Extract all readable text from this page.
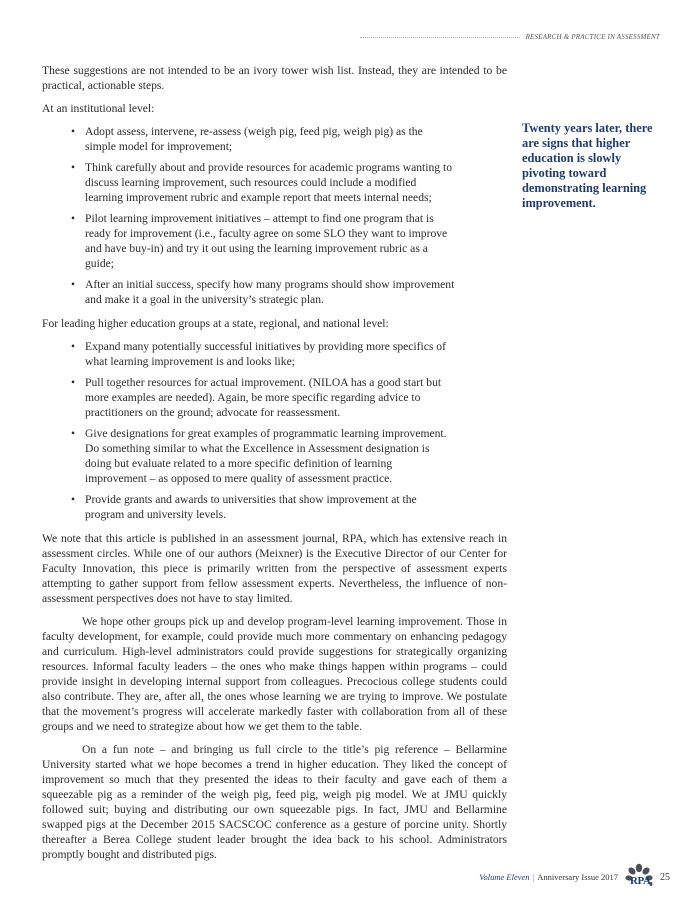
RESEARCH & PRACTICE IN ASSESSMENT

These suggestions are not intended to be an ivory tower wish list. Instead, they are intended to be practical, actionable steps.

At an institutional level:

• Adopt assess, intervene, re-assess (weigh pig, feed pig, weigh pig) as the simple model for improvement;
• Think carefully about and provide resources for academic programs wanting to discuss learning improvement, such resources could include a modified learning improvement rubric and example report that meets internal needs;
• Pilot learning improvement initiatives – attempt to find one program that is ready for improvement (i.e., faculty agree on some SLO they want to improve and have buy-in) and try it out using the learning improvement rubric as a guide;
• After an initial success, specify how many programs should show improvement and make it a goal in the university’s strategic plan.

For leading higher education groups at a state, regional, and national level:

• Expand many potentially successful initiatives by providing more specifics of what learning improvement is and looks like;
• Pull together resources for actual improvement. (NILOA has a good start but more examples are needed). Again, be more specific regarding advice to practitioners on the ground; advocate for reassessment.
• Give designations for great examples of programmatic learning improvement. Do something similar to what the Excellence in Assessment designation is doing but evaluate related to a more specific definition of learning improvement – as opposed to mere quality of assessment practice.
• Provide grants and awards to universities that show improvement at the program and university levels.

We note that this article is published in an assessment journal, RPA, which has extensive reach in assessment circles. While one of our authors (Meixner) is the Executive Director of our Center for Faculty Innovation, this piece is primarily written from the perspective of assessment experts attempting to gather support from fellow assessment experts. Nevertheless, the influence of non-assessment perspectives does not have to stay limited.

We hope other groups pick up and develop program-level learning improvement. Those in faculty development, for example, could provide much more commentary on enhancing pedagogy and curriculum. High-level administrators could provide suggestions for strategically organizing resources. Informal faculty leaders – the ones who make things happen within programs – could provide insight in developing internal support from colleagues. Precocious college students could also contribute. They are, after all, the ones whose learning we are trying to improve. We postulate that the movement’s progress will accelerate markedly faster with collaboration from all of these groups and we need to strategize about how we get them to the table.

On a fun note – and bringing us full circle to the title’s pig reference – Bellarmine University started what we hope becomes a trend in higher education. They liked the concept of improvement so much that they presented the ideas to their faculty and gave each of them a squeezable pig as a reminder of the weigh pig, feed pig, weigh pig model. We at JMU quickly followed suit; buying and distributing our own squeezable pigs. In fact, JMU and Bellarmine swapped pigs at the December 2015 SACSCOC conference as a gesture of porcine unity. Shortly thereafter a Berea College student leader brought the idea back to his school. Administrators promptly bought and distributed pigs.

Twenty years later, there are signs that higher education is slowly pivoting toward demonstrating learning improvement.
Volume Eleven | Anniversary Issue 2017 RPA 25
